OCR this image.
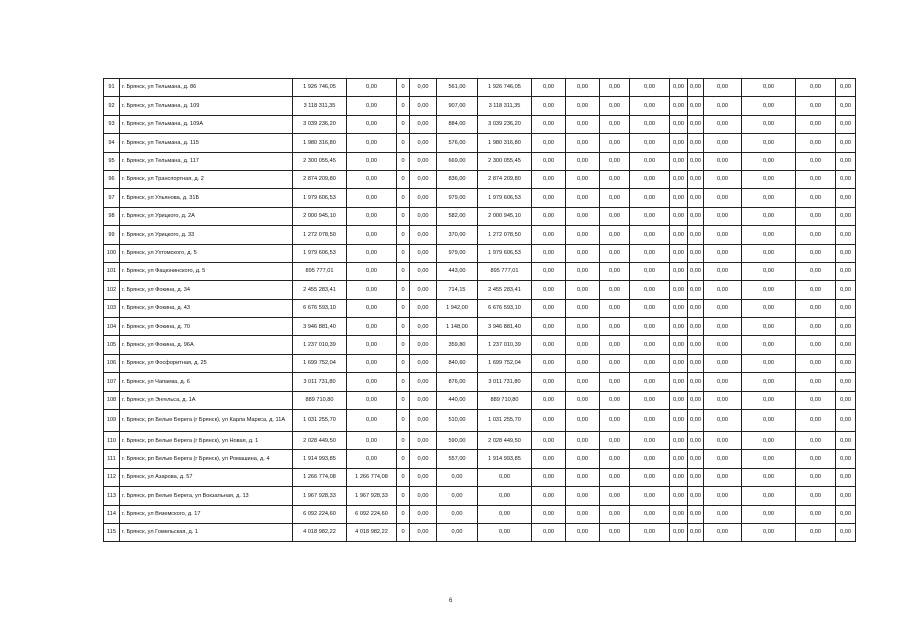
91	г. Брянск, ул Тельмана, д. 86	1 926 746,05	0,00	0	0,00	561,00	1 926 746,05	0,00	0,00	0,00	0,00	0,00	0,00	0,00	0,00	0,00	0,00
92	г. Брянск, ул Тельмана, д. 109	3 118 311,35	0,00	0	0,00	907,00	3 118 311,35	0,00	0,00	0,00	0,00	0,00	0,00	0,00	0,00	0,00	0,00
93	г. Брянск, ул Тельмана, д. 109А	3 039 236,20	0,00	0	0,00	884,00	3 039 236,20	0,00	0,00	0,00	0,00	0,00	0,00	0,00	0,00	0,00	0,00
94	г. Брянск, ул Тельмана, д. 115	1 980 316,80	0,00	0	0,00	576,00	1 980 316,80	0,00	0,00	0,00	0,00	0,00	0,00	0,00	0,00	0,00	0,00
95	г. Брянск, ул Тельмана, д. 117	2 300 055,45	0,00	0	0,00	669,00	2 300 055,45	0,00	0,00	0,00	0,00	0,00	0,00	0,00	0,00	0,00	0,00
96	г. Брянск, ул Транспортная, д. 2	2 874 209,80	0,00	0	0,00	836,00	2 874 209,80	0,00	0,00	0,00	0,00	0,00	0,00	0,00	0,00	0,00	0,00
97	г. Брянск, ул Ульянова, д. 31Б	1 979 606,53	0,00	0	0,00	979,00	1 979 606,53	0,00	0,00	0,00	0,00	0,00	0,00	0,00	0,00	0,00	0,00
98	г. Брянск, ул Урицкого, д. 2А	2 000 945,10	0,00	0	0,00	582,00	2 000 945,10	0,00	0,00	0,00	0,00	0,00	0,00	0,00	0,00	0,00	0,00
99	г. Брянск, ул Урицкого, д. 33	1 272 078,50	0,00	0	0,00	370,00	1 272 078,50	0,00	0,00	0,00	0,00	0,00	0,00	0,00	0,00	0,00	0,00
100	г. Брянск, ул Ухтомского, д. 5	1 979 606,53	0,00	0	0,00	979,00	1 979 606,53	0,00	0,00	0,00	0,00	0,00	0,00	0,00	0,00	0,00	0,00
101	г. Брянск, ул Фацюнинского, д. 5	895 777,01	0,00	0	0,00	443,00	895 777,01	0,00	0,00	0,00	0,00	0,00	0,00	0,00	0,00	0,00	0,00
102	г. Брянск, ул Фокина, д. 34	2 455 283,41	0,00	0	0,00	714,15	2 455 283,41	0,00	0,00	0,00	0,00	0,00	0,00	0,00	0,00	0,00	0,00
103	г. Брянск, ул Фокина, д. 43	6 676 593,10	0,00	0	0,00	1 942,00	6 676 593,10	0,00	0,00	0,00	0,00	0,00	0,00	0,00	0,00	0,00	0,00
104	г. Брянск, ул Фокина, д. 70	3 946 881,40	0,00	0	0,00	1 148,00	3 946 881,40	0,00	0,00	0,00	0,00	0,00	0,00	0,00	0,00	0,00	0,00
105	г. Брянск, ул Фокина, д. 96А	1 237 010,39	0,00	0	0,00	359,80	1 237 010,39	0,00	0,00	0,00	0,00	0,00	0,00	0,00	0,00	0,00	0,00
106	г. Брянск, ул Фосфоритная, д. 25	1 699 752,04	0,00	0	0,00	840,60	1 699 752,04	0,00	0,00	0,00	0,00	0,00	0,00	0,00	0,00	0,00	0,00
107	г. Брянск, ул Чапаева, д. 6	3 011 731,80	0,00	0	0,00	876,00	3 011 731,80	0,00	0,00	0,00	0,00	0,00	0,00	0,00	0,00	0,00	0,00
108	г. Брянск, ул Энгельса, д. 1А	889 710,80	0,00	0	0,00	440,00	889 710,80	0,00	0,00	0,00	0,00	0,00	0,00	0,00	0,00	0,00	0,00
109	г. Брянск, рп Белые Берега (г Брянск), ул Карла Маркса, д. 11А	1 031 255,70	0,00	0	0,00	510,00	1 031 255,70	0,00	0,00	0,00	0,00	0,00	0,00	0,00	0,00	0,00	0,00
110	г. Брянск, рп Белые Берега (г Брянск), ул Новая, д. 1	2 028 449,50	0,00	0	0,00	590,00	2 028 449,50	0,00	0,00	0,00	0,00	0,00	0,00	0,00	0,00	0,00	0,00
111	г. Брянск, рп Белые Берега (г Брянск), ул Ромашина, д. 4	1 914 993,85	0,00	0	0,00	557,00	1 914 993,85	0,00	0,00	0,00	0,00	0,00	0,00	0,00	0,00	0,00	0,00
112	г. Брянск, ул Азарова, д. 57	1 266 774,08	1 266 774,08	0	0,00	0,00	0,00	0,00	0,00	0,00	0,00	0,00	0,00	0,00	0,00	0,00	0,00
113	г. Брянск, рп Белые Берега, ул Вокзальная, д. 13	1 967 928,33	1 967 928,33	0	0,00	0,00	0,00	0,00	0,00	0,00	0,00	0,00	0,00	0,00	0,00	0,00	0,00
114	г. Брянск, ул Вяземского, д. 17	6 092 224,60	6 092 224,60	0	0,00	0,00	0,00	0,00	0,00	0,00	0,00	0,00	0,00	0,00	0,00	0,00	0,00
115	г. Брянск, ул Гомельская, д. 1	4 018 982,22	4 018 982,22	0	0,00	0,00	0,00	0,00	0,00	0,00	0,00	0,00	0,00	0,00	0,00	0,00	0,00
6
